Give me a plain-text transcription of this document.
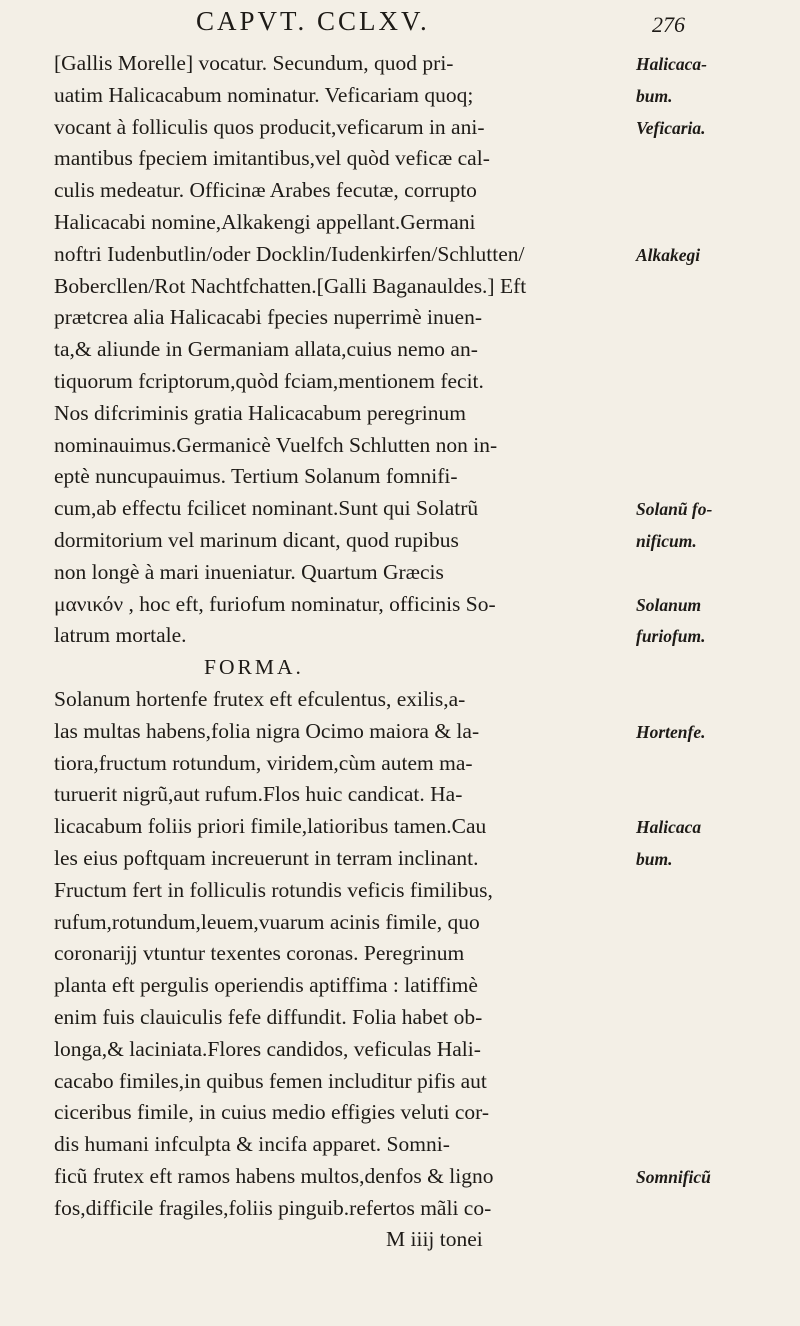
CAPVT. CCLXV.	276
[Gallis Morelle] vocatur. Secundum, quod pri-
uatim Halicacabum nominatur. Veficariam quoq;
vocant à folliculis quos producit,veficarum in ani-
mantibus fpeciem imitantibus,vel quòd veficæ cal-
culis medeatur. Officinæ Arabes fecutæ, corrupto
Halicacabi nomine,Alkakengi appellant.Germani
noftri Iudenbutlin/oder Docklin/Iudenkirfen/Schlutten/
Bobercllen/Rot Nachtfchatten.[Galli Baganauldes.] Eft
prætcrea alia Halicacabi fpecies nuperrimè inuen-
ta,& aliunde in Germaniam allata,cuius nemo an-
tiquorum fcriptorum,quòd fciam,mentionem fecit.
Nos difcriminis gratia Halicacabum peregrinum
nominauimus.Germanicè Vuelfch Schlutten non in-
eptè nuncupauimus. Tertium Solanum fomnifi-
cum,ab effectu fcilicet nominant.Sunt qui Solatrũ
dormitorium vel marinum dicant, quod rupibus
non longè à mari inueniatur. Quartum Græcis
μανικόν , hoc eft, furiofum nominatur, officinis So-
latrum mortale.
FORMA.
Solanum hortenfe frutex eft efculentus, exilis,a-
las multas habens,folia nigra Ocimo maiora & la-
tiora,fructum rotundum, viridem,cùm autem ma-
turuerit nigrũ,aut rufum.Flos huic candicat. Ha-
licacabum foliis priori fimile,latioribus tamen.Cau
les eius poftquam increuerunt in terram inclinant.
Fructum fert in folliculis rotundis veficis fimilibus,
rufum,rotundum,leuem,vuarum acinis fimile, quo
coronarijj vtuntur texentes coronas. Peregrinum
planta eft pergulis operiendis aptiffima : latiffimè
enim fuis clauiculis fefe diffundit. Folia habet ob-
longa,& laciniata.Flores candidos, veficulas Hali-
cacabo fimiles,in quibus femen includitur pifis aut
ciceribus fimile, in cuius medio effigies veluti cor-
dis humani infculpta & incifa apparet. Somni-
ficũ frutex eft ramos habens multos,denfos & ligno
fos,difficile fragiles,foliis pinguib.refertos mãli co-
M iiij tonei
Halicaca-
bum.
Veficaria.
Alkakegi
Solanũ fo-
nificum.
Solanum
furiofum.
Hortenfe.
Halicaca
bum.
Somnificũ
